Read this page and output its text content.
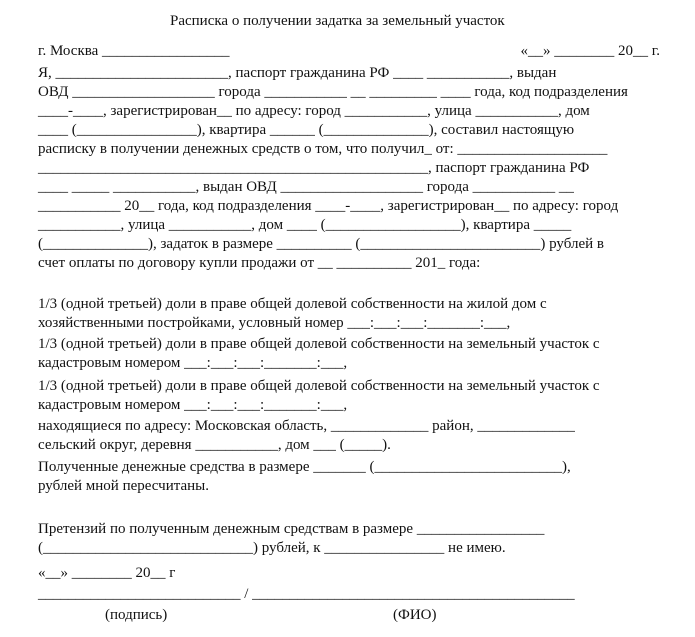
Расписка о получении задатка за земельный участок
г. Москва _________________	«__» ________ 20__ г.
Я, _______________________, паспорт гражданина РФ ____ ___________, выдан
ОВД ___________________ города ___________ __ _________ ____ года, код подразделения
____-____, зарегистрирован__ по адресу: город ___________, улица ___________, дом
____ (________________), квартира ______ (______________), составил настоящую
расписку в получении денежных средств о том, что получил_ от: ____________________
____________________________________________________, паспорт гражданина РФ
____ _____ ___________, выдан ОВД ___________________ города ___________ __
___________ 20__ года, код подразделения ____-____, зарегистрирован__ по адресу: город
___________, улица ___________, дом ____ (__________________), квартира _____
(______________), задаток в размере __________ (________________________) рублей в
счет оплаты по договору купли продажи от __ __________ 201_ года:
1/3 (одной третьей) доли в праве общей долевой собственности на жилой дом с
хозяйственными постройками, условный номер ___:___:___:_______:___,
1/3 (одной третьей) доли в праве общей долевой собственности на земельный участок с
кадастровым номером ___:___:___:_______:___,
1/3 (одной третьей) доли в праве общей долевой собственности на земельный участок с
кадастровым номером ___:___:___:_______:___,
находящиеся по адресу: Московская область, _____________ район, _____________
сельский округ, деревня ___________, дом ___ (_____).
Полученные денежные средства в размере _______ (_________________________),
рублей мной пересчитаны.
Претензий по полученным денежным средствам в размере _________________
(____________________________) рублей, к ________________ не имею.
«__» ________ 20__ г
___________________________ / ___________________________________________
(подпись)	(ФИО)
